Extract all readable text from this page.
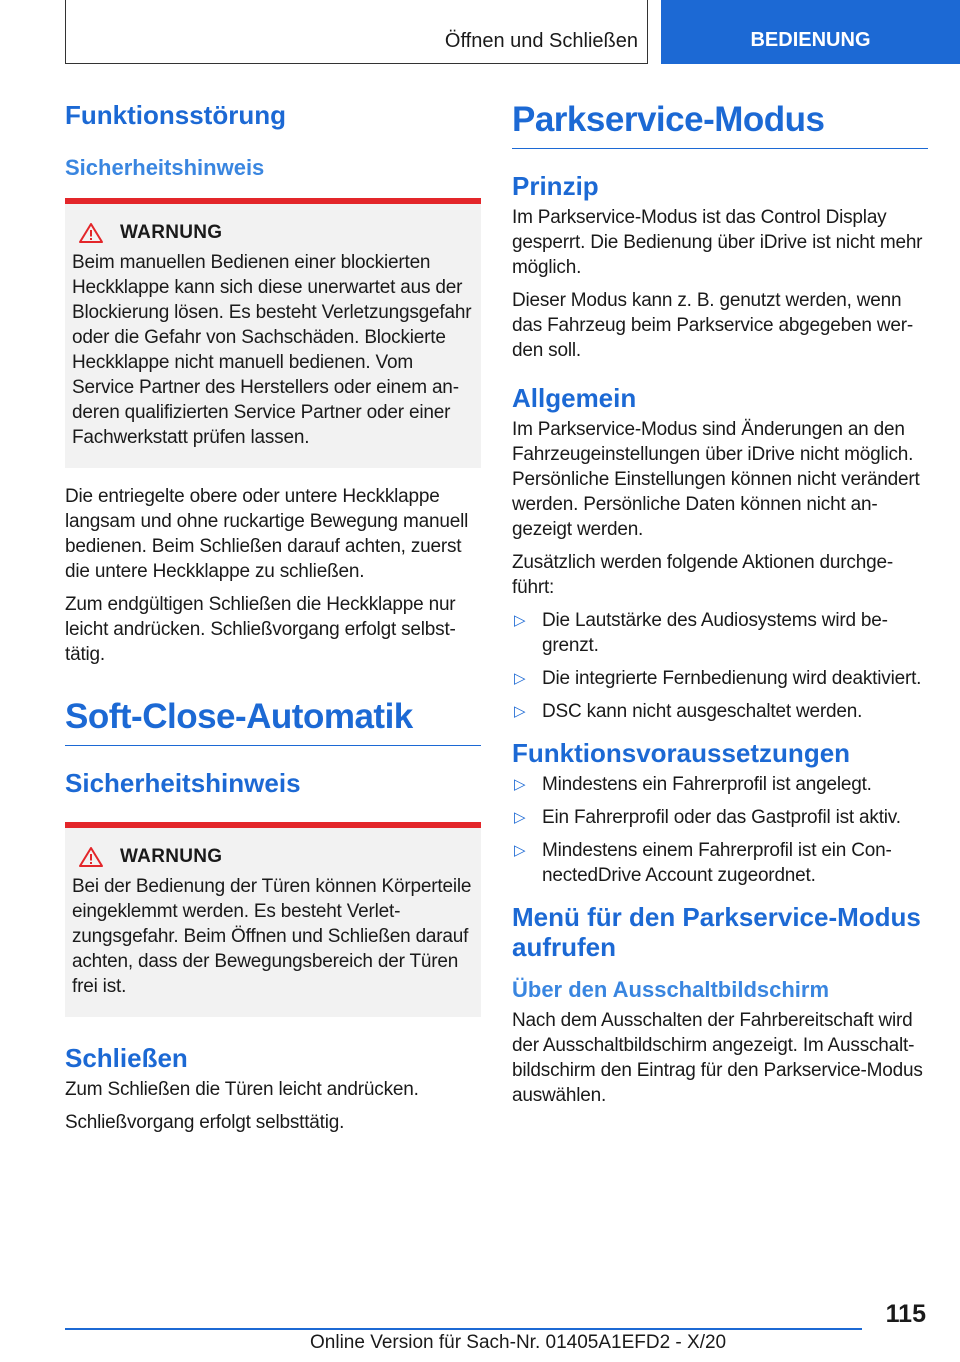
Öffnen und Schließen	BEDIENUNG
Funktionsstörung
Sicherheitshinweis
WARNUNG

Beim manuellen Bedienen einer blockierten Heckklappe kann sich diese unerwartet aus der Blockierung lösen. Es besteht Verletzungsgefahr oder die Gefahr von Sachschäden. Blockierte Heckklappe nicht manuell bedienen. Vom Service Partner des Herstellers oder einem anderen qualifizierten Service Partner oder einer Fachwerkstatt prüfen lassen.

Die entriegelte obere oder untere Heckklappe langsam und ohne ruckartige Bewegung manuell bedienen. Beim Schließen darauf achten, zuerst die untere Heckklappe zu schließen.

Zum endgültigen Schließen die Heckklappe nur leicht andrücken. Schließvorgang erfolgt selbsttätig.

Soft-Close-Automatik
Sicherheitshinweis
WARNUNG

Bei der Bedienung der Türen können Körperteile eingeklemmt werden. Es besteht Verletzungsgefahr. Beim Öffnen und Schließen darauf achten, dass der Bewegungsbereich der Türen frei ist.

Schließen

Zum Schließen die Türen leicht andrücken.

Schließvorgang erfolgt selbsttätig.

Parkservice-Modus
Prinzip

Im Parkservice-Modus ist das Control Display gesperrt. Die Bedienung über iDrive ist nicht mehr möglich.

Dieser Modus kann z. B. genutzt werden, wenn das Fahrzeug beim Parkservice abgegeben werden soll.

Allgemein

Im Parkservice-Modus sind Änderungen an den Fahrzeugeinstellungen über iDrive nicht möglich. Persönliche Einstellungen können nicht verändert werden. Persönliche Daten können nicht angezeigt werden.

Zusätzlich werden folgende Aktionen durchgeführt:

▷ Die Lautstärke des Audiosystems wird begrenzt.
▷ Die integrierte Fernbedienung wird deaktiviert.
▷ DSC kann nicht ausgeschaltet werden.
Funktionsvoraussetzungen
▷ Mindestens ein Fahrerprofil ist angelegt.
▷ Ein Fahrerprofil oder das Gastprofil ist aktiv.
▷ Mindestens einem Fahrerprofil ist ein ConnectedDrive Account zugeordnet.
Menü für den Parkservice-Modus aufrufen
Über den Ausschaltbildschirm

Nach dem Ausschalten der Fahrbereitschaft wird der Ausschaltbildschirm angezeigt. Im Ausschaltbildschirm den Eintrag für den Parkservice-Modus auswählen.

115
Online Version für Sach-Nr. 01405A1EFD2 - X/20
